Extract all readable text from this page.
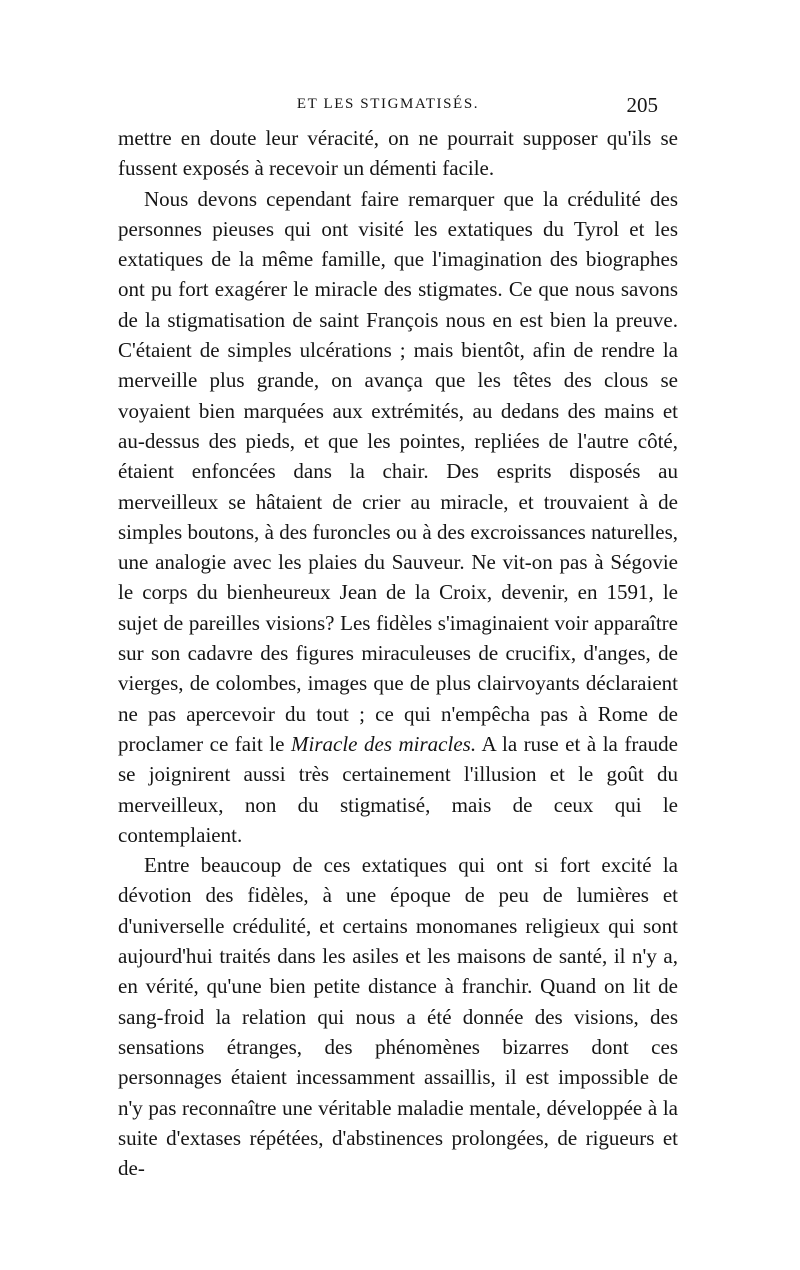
ET LES STIGMATISÉS.	205

mettre en doute leur véracité, on ne pourrait supposer qu'ils se fussent exposés à recevoir un démenti facile.

Nous devons cependant faire remarquer que la crédulité des personnes pieuses qui ont visité les extatiques du Tyrol et les extatiques de la même famille, que l'imagination des biographes ont pu fort exagérer le miracle des stigmates. Ce que nous savons de la stigmatisation de saint François nous en est bien la preuve. C'étaient de simples ulcérations ; mais bientôt, afin de rendre la merveille plus grande, on avança que les têtes des clous se voyaient bien marquées aux extrémités, au dedans des mains et au-dessus des pieds, et que les pointes, repliées de l'autre côté, étaient enfoncées dans la chair. Des esprits disposés au merveilleux se hâtaient de crier au miracle, et trouvaient à de simples boutons, à des furoncles ou à des excroissances naturelles, une analogie avec les plaies du Sauveur. Ne vit-on pas à Ségovie le corps du bienheureux Jean de la Croix, devenir, en 1591, le sujet de pareilles visions? Les fidèles s'imaginaient voir apparaître sur son cadavre des figures miraculeuses de crucifix, d'anges, de vierges, de colombes, images que de plus clairvoyants déclaraient ne pas apercevoir du tout ; ce qui n'empêcha pas à Rome de proclamer ce fait le Miracle des miracles. A la ruse et à la fraude se joignirent aussi très certainement l'illusion et le goût du merveilleux, non du stigmatisé, mais de ceux qui le contemplaient.

Entre beaucoup de ces extatiques qui ont si fort excité la dévotion des fidèles, à une époque de peu de lumières et d'universelle crédulité, et certains monomanes religieux qui sont aujourd'hui traités dans les asiles et les maisons de santé, il n'y a, en vérité, qu'une bien petite distance à franchir. Quand on lit de sang-froid la relation qui nous a été donnée des visions, des sensations étranges, des phénomènes bizarres dont ces personnages étaient incessamment assaillis, il est impossible de n'y pas reconnaître une véritable maladie mentale, développée à la suite d'extases répétées, d'abstinences prolongées, de rigueurs et de-
